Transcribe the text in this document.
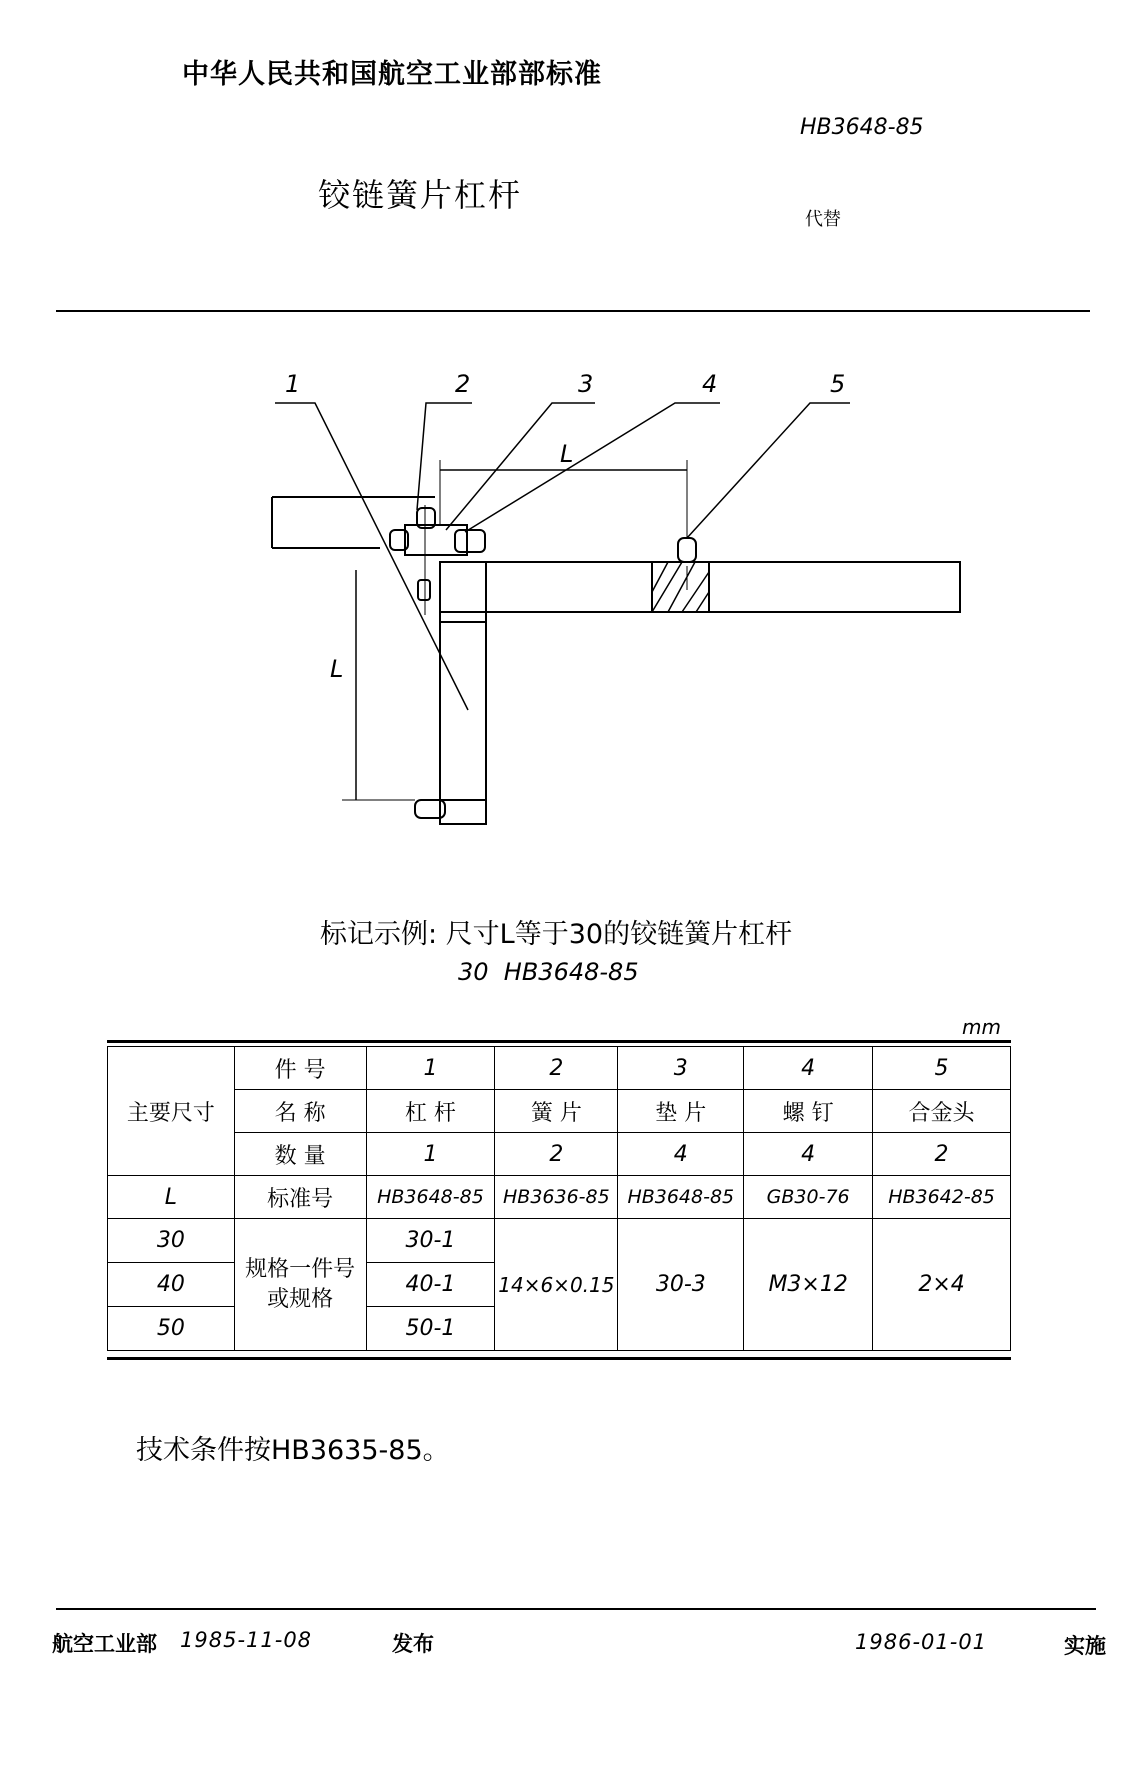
中华人民共和国航空工业部部标准
HB3648-85
铰链簧片杠杆
代替
1	2	3	4	5
L
L
标记示例: 尺寸L等于30的铰链簧片杠杆
30  HB3648-85
mm
主要尺寸	件 号	1	2	3	4	5
	名 称	杠 杆	簧 片	垫 片	螺 钉	合金头
	数 量	1	2	4	4	2
L	标准号	HB3648-85	HB3636-85	HB3648-85	GB30-76	HB3642-85
30	规格一件号或规格	30-1	14×6×0.15	30-3	M3×12	2×4
40		40-1				
50		50-1				
技术条件按HB3635-85。
航空工业部 1985-11-08	发布	1986-01-01	实施
